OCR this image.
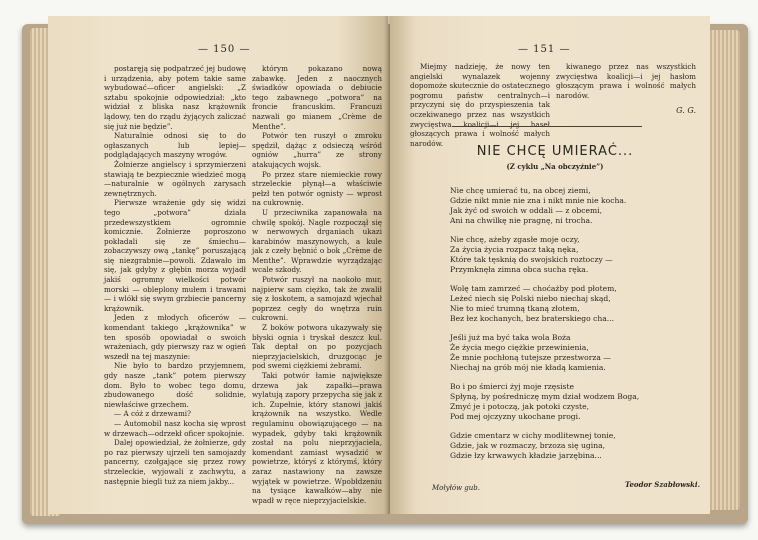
— 150 —

postaręją się podpatrzeć jej budowę i urządzenia, aby potem takie same wybudować—oficer angielski: „Z sztabu spokojnie odpowiedział: „kto widział z bliska nasz krążownik lądowy, ten do rządu żyjących zaliczać się już nie będzie”.

Naturalnie odnosi się to do ogłaszanych lub lepiej—podglądających maszyny wrogów.

Żołnierze angielscy i sprzymierzeni stawiają te bezpiecznie wiedzieć mogą—naturalnie w ogólnych zarysach zewnętrznych.

Pierwsze wrażenie gdy się widzi tego „potwora” działa przedewszystkiem ogromnie komicznie. Żołnierze poproszono pokładali się ze śmiechu—zobaczywszy ową „tankę” poruszającą się niezgrabnie—powoli. Zdawało im się, jak gdyby z głębin morza wyjadł jakiś ogromny wielkości potwór morski — obleplony mułem i trawami — i wlókł się swym grzbiecie pancerny krążownik.

Jeden z młodych oficerów — komendant takiego „krążownika” w ten sposób opowiadał o swoich wrażeniach, gdy pierwszy raz w ogień wszedł na tej maszynie:

Nie było to bardzo przyjemnem, gdy nasze „tank” potem pierwszy dom. Było to wobec tego domu, zbudowanego dość solidnie, niewłaściwe grzechem.

— A cóż z drzewami?

— Automobil nasz kocha się wprost w drzewach—odrzekł oficer spokojnie.

Dalej opowiedział, że żołnierze, gdy po raz pierwszy ujrzeli ten samojazdy pancerny, czołgające się przez rowy strzeleckie, wyjowali z zachwytu, a następnie biegli tuż za niem jakby...

którym pokazano nową zabawkę. Jeden z naocznych świadków opowiada o debiucie tego zabawnego „potwora” na froncie francuskim. Francuzi nazwali go mianem „Crème de Menthe”.

Potwór ten ruszył o zmroku spędził, dążąc z odsieczą wśród ogniów „hurra” ze strony atakujących wojsk.

Po przez stare niemieckie rowy strzeleckie płynął—a właściwie pełzł ten potwór ognisty — wprost na cukrownię.

U przeciwnika zapanowała na chwilę spokój. Nagle rozpoczął się w nerwowych drganiach ukazi karabinów maszynowych, a kule jak z czeły bębnić o bok „Crème de Menthe”. Wprawdzie wyrządzając wcale szkody.

Potwór ruszył na naokoło mur, najpierw sam ciężko, tak że zwalił się z łoskotem, a samojazd wjechał poprzez cegły do wnętrza ruin cukrowni.

Z boków potwora ukazywały się błyski ognia i tryskał deszcz kul. Tak deptał on po pozycjach nieprzyjacielskich, druzgocąc je pod swemi ciężkiemi żebrami.

Taki potwór łamie największe drzewa jak zapałki—prawa wylatują zapory przepycha się jak z ich. Zupełnie, który stanowi jakiś krążownik na wszystko. Wedle regulaminu obowiązującego — na wypadek, gdyby taki krążownik został na polu nieprzyjaciela, komendant zamiast wysadzić w powietrze, któryś z którymś, który zaraz nastawiony na zawsze wyjątek w powietrze. Wpobłdzeniu na tysiące kawałków—aby nie wpadł w ręce nieprzyjacielskie.

— 151 —

Miejmy nadzieję, że nowy ten angielski wynalazek wojenny dopomoże skutecznie do ostatecznego pogromu państw centralnych—i przyczyni się do przyspieszenia tak oczekiwanego przez nas wszystkich zwycięstwa koalicji—i jej haseł głoszących prawa i wolność małych narodów.

kiwanego przez nas wszystkich zwycięstwa koalicji—i jej hasłom głoszącym prawa i wolność małych narodów.

G. G.
NIE CHCĘ UMIERAĆ...
(Z cyklu „Na obczyźnie”)
Nie chcę umierać tu, na obcej ziemi,
Gdzie nikt mnie nie zna i nikt mnie nie kocha.
Jak żyć od swoich w oddali — z obcemi,
Ani na chwilkę nie pragnę, ni trocha.
Nie chcę, ażeby zgasłe moje oczy,
Za życia życia rozpacz taką nęka,
Które tak tęsknią do swojskich roztoczy —
Przymknęła zimna obca sucha ręka.
Wolę tam zamrzeć — choćażby pod płotem,
Leżeć niech się Polski niebo niechaj skąd,
Nie to mieć trumną tkaną złotem,
Bez łez kochanych, bez braterskiego cha...
Jeśli już ma być taka wola Boża
Że życia mego ciężkie przewinienia,
Że mnie pochłoną tutejsze przestworza —
Niechaj na grób mój nie kładą kamienia.
Bo i po śmierci żyj moje rzęsiste
Spłyną, by pośredniczę mym dział wodzem Boga,
Zmyć je i potoczą, jak potoki czyste,
Pod mej ojczyzny ukochane progi.
Gdzie cmentarz w cichy modlitewnej tonie,
Gdzie, jak w rozmaczy, brzoza się ugina,
Gdzie łzy krwawych kładzie jarzębina...
Mołyłów gub.	Teodor Szabłowski.
